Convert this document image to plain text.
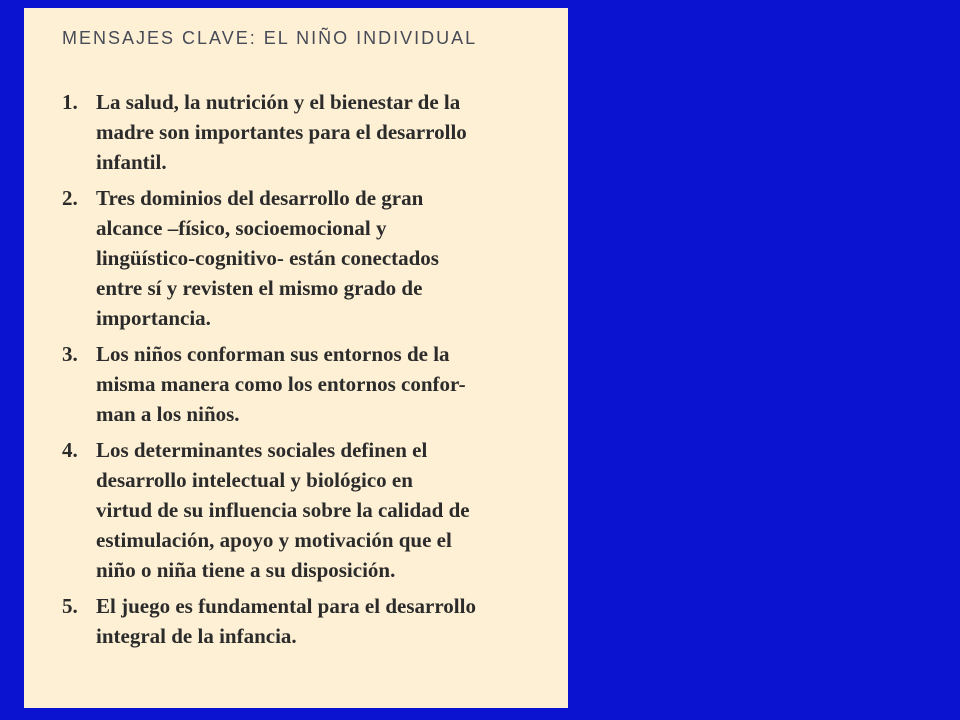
MENSAJES CLAVE: EL NIÑO INDIVIDUAL
1. La salud, la nutrición y el bienestar de la
madre son importantes para el desarrollo
infantil.
2. Tres dominios del desarrollo de gran
alcance –físico, socioemocional y
lingüístico-cognitivo- están conectados
entre sí y revisten el mismo grado de
importancia.
3. Los niños conforman sus entornos de la
misma manera como los entornos confor-
man a los niños.
4. Los determinantes sociales definen el
desarrollo intelectual y biológico en
virtud de su influencia sobre la calidad de
estimulación, apoyo y motivación que el
niño o niña tiene a su disposición.
5. El juego es fundamental para el desarrollo
integral de la infancia.
